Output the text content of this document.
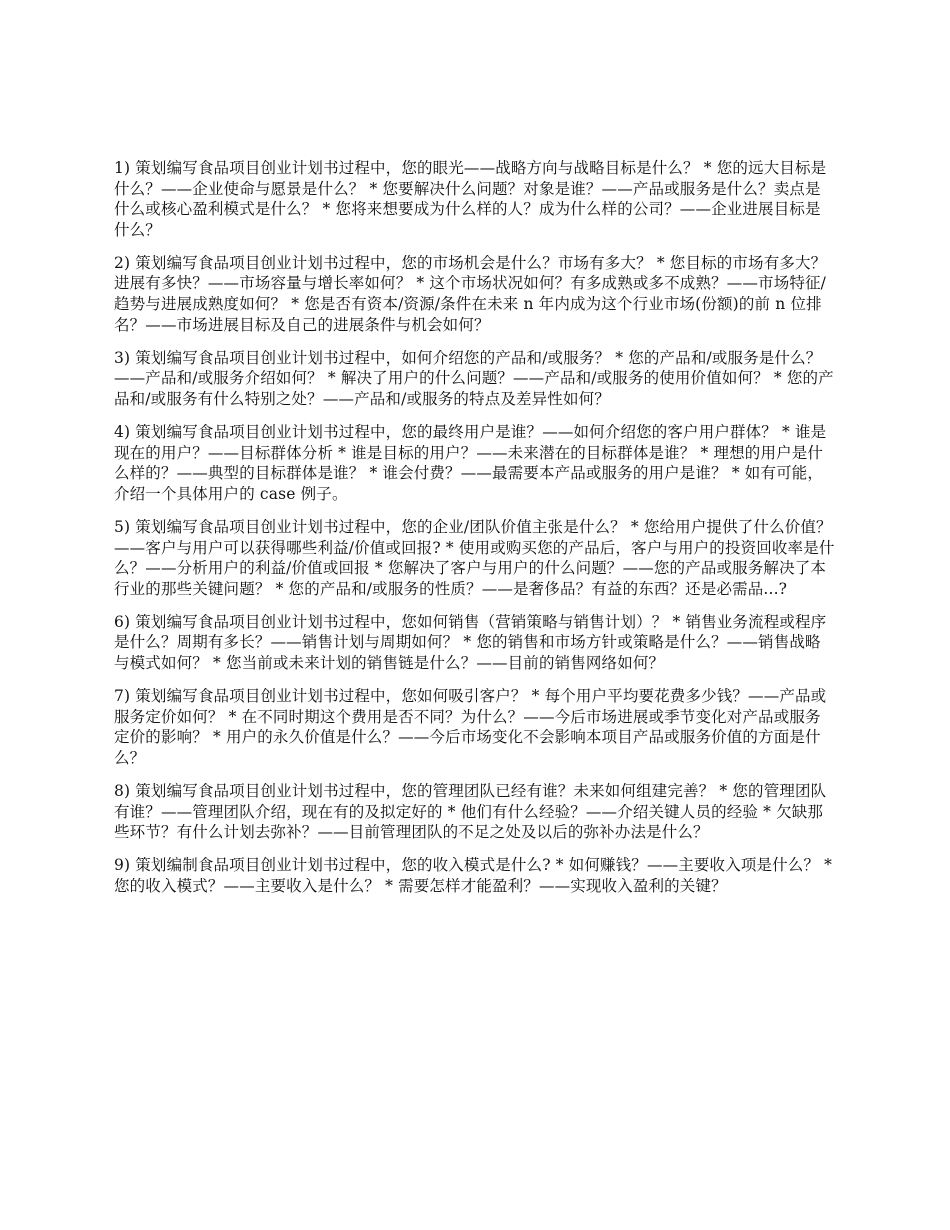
1) 策划编写食品项目创业计划书过程中，您的眼光——战略方向与战略目标是什么？ * 您的远大目标是什么？——企业使命与愿景是什么？ * 您要解决什么问题？对象是谁？——产品或服务是什么？卖点是什么或核心盈利模式是什么？ * 您将来想要成为什么样的人？成为什么样的公司？——企业进展目标是什么？

2) 策划编写食品项目创业计划书过程中，您的市场机会是什么？市场有多大？ * 您目标的市场有多大？进展有多快？——市场容量与增长率如何？ * 这个市场状况如何？有多成熟或多不成熟？——市场特征/趋势与进展成熟度如何？ * 您是否有资本/资源/条件在未来 n 年内成为这个行业市场(份额)的前 n 位排名？——市场进展目标及自己的进展条件与机会如何？

3) 策划编写食品项目创业计划书过程中，如何介绍您的产品和/或服务？ * 您的产品和/或服务是什么？——产品和/或服务介绍如何？ * 解决了用户的什么问题？——产品和/或服务的使用价值如何？ * 您的产品和/或服务有什么特别之处？——产品和/或服务的特点及差异性如何？

4) 策划编写食品项目创业计划书过程中，您的最终用户是谁？——如何介绍您的客户用户群体？ * 谁是现在的用户？——目标群体分析 * 谁是目标的用户？——未来潜在的目标群体是谁？ * 理想的用户是什么样的？——典型的目标群体是谁？ * 谁会付费？——最需要本产品或服务的用户是谁？ * 如有可能，介绍一个具体用户的 case 例子。

5) 策划编写食品项目创业计划书过程中，您的企业/团队价值主张是什么？ * 您给用户提供了什么价值？——客户与用户可以获得哪些利益/价值或回报? * 使用或购买您的产品后，客户与用户的投资回收率是什么？——分析用户的利益/价值或回报 * 您解决了客户与用户的什么问题？——您的产品或服务解决了本行业的那些关键问题？ * 您的产品和/或服务的性质？——是奢侈品？有益的东西？还是必需品...?

6) 策划编写食品项目创业计划书过程中，您如何销售（营销策略与销售计划）？ * 销售业务流程或程序是什么？周期有多长？——销售计划与周期如何？ * 您的销售和市场方针或策略是什么？——销售战略与模式如何？ * 您当前或未来计划的销售链是什么？——目前的销售网络如何？

7) 策划编写食品项目创业计划书过程中，您如何吸引客户？ * 每个用户平均要花费多少钱？——产品或服务定价如何？ * 在不同时期这个费用是否不同？为什么？——今后市场进展或季节变化对产品或服务定价的影响？ * 用户的永久价值是什么？——今后市场变化不会影响本项目产品或服务价值的方面是什么？

8) 策划编写食品项目创业计划书过程中，您的管理团队已经有谁？未来如何组建完善？ * 您的管理团队有谁？——管理团队介绍，现在有的及拟定好的 * 他们有什么经验？——介绍关键人员的经验 * 欠缺那些环节？有什么计划去弥补？——目前管理团队的不足之处及以后的弥补办法是什么？

9) 策划编制食品项目创业计划书过程中，您的收入模式是什么? * 如何赚钱？——主要收入项是什么？ * 您的收入模式？——主要收入是什么？ * 需要怎样才能盈利？——实现收入盈利的关键？
